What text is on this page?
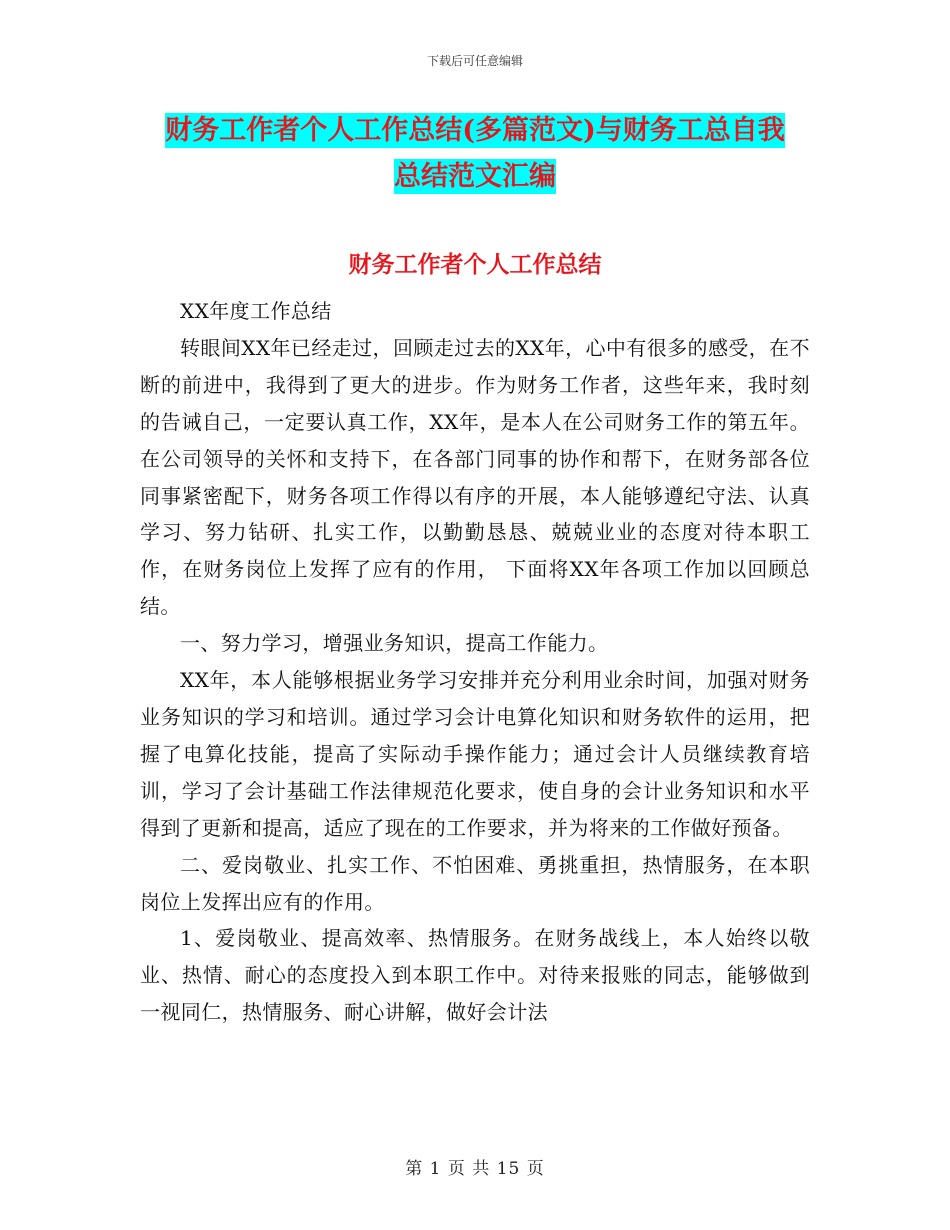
下载后可任意编辑
财务工作者个人工作总结(多篇范文)与财务工总自我
总结范文汇编
财务工作者个人工作总结

XX年度工作总结

转眼间XX年已经走过，回顾走过去的XX年，心中有很多的感受，在不断的前进中，我得到了更大的进步。作为财务工作者，这些年来，我时刻的告诫自己，一定要认真工作，XX年，是本人在公司财务工作的第五年。在公司领导的关怀和支持下，在各部门同事的协作和帮下，在财务部各位同事紧密配下，财务各项工作得以有序的开展，本人能够遵纪守法、认真学习、努力钻研、扎实工作，以勤勤恳恳、兢兢业业的态度对待本职工作，在财务岗位上发挥了应有的作用， 下面将XX年各项工作加以回顾总结。

一、努力学习，增强业务知识，提高工作能力。

XX年，本人能够根据业务学习安排并充分利用业余时间，加强对财务业务知识的学习和培训。通过学习会计电算化知识和财务软件的运用，把握了电算化技能，提高了实际动手操作能力；通过会计人员继续教育培训，学习了会计基础工作法律规范化要求，使自身的会计业务知识和水平得到了更新和提高，适应了现在的工作要求，并为将来的工作做好预备。

二、爱岗敬业、扎实工作、不怕困难、勇挑重担，热情服务，在本职岗位上发挥出应有的作用。

1、爱岗敬业、提高效率、热情服务。在财务战线上，本人始终以敬业、热情、耐心的态度投入到本职工作中。对待来报账的同志，能够做到一视同仁，热情服务、耐心讲解，做好会计法

第 1 页 共 15 页
